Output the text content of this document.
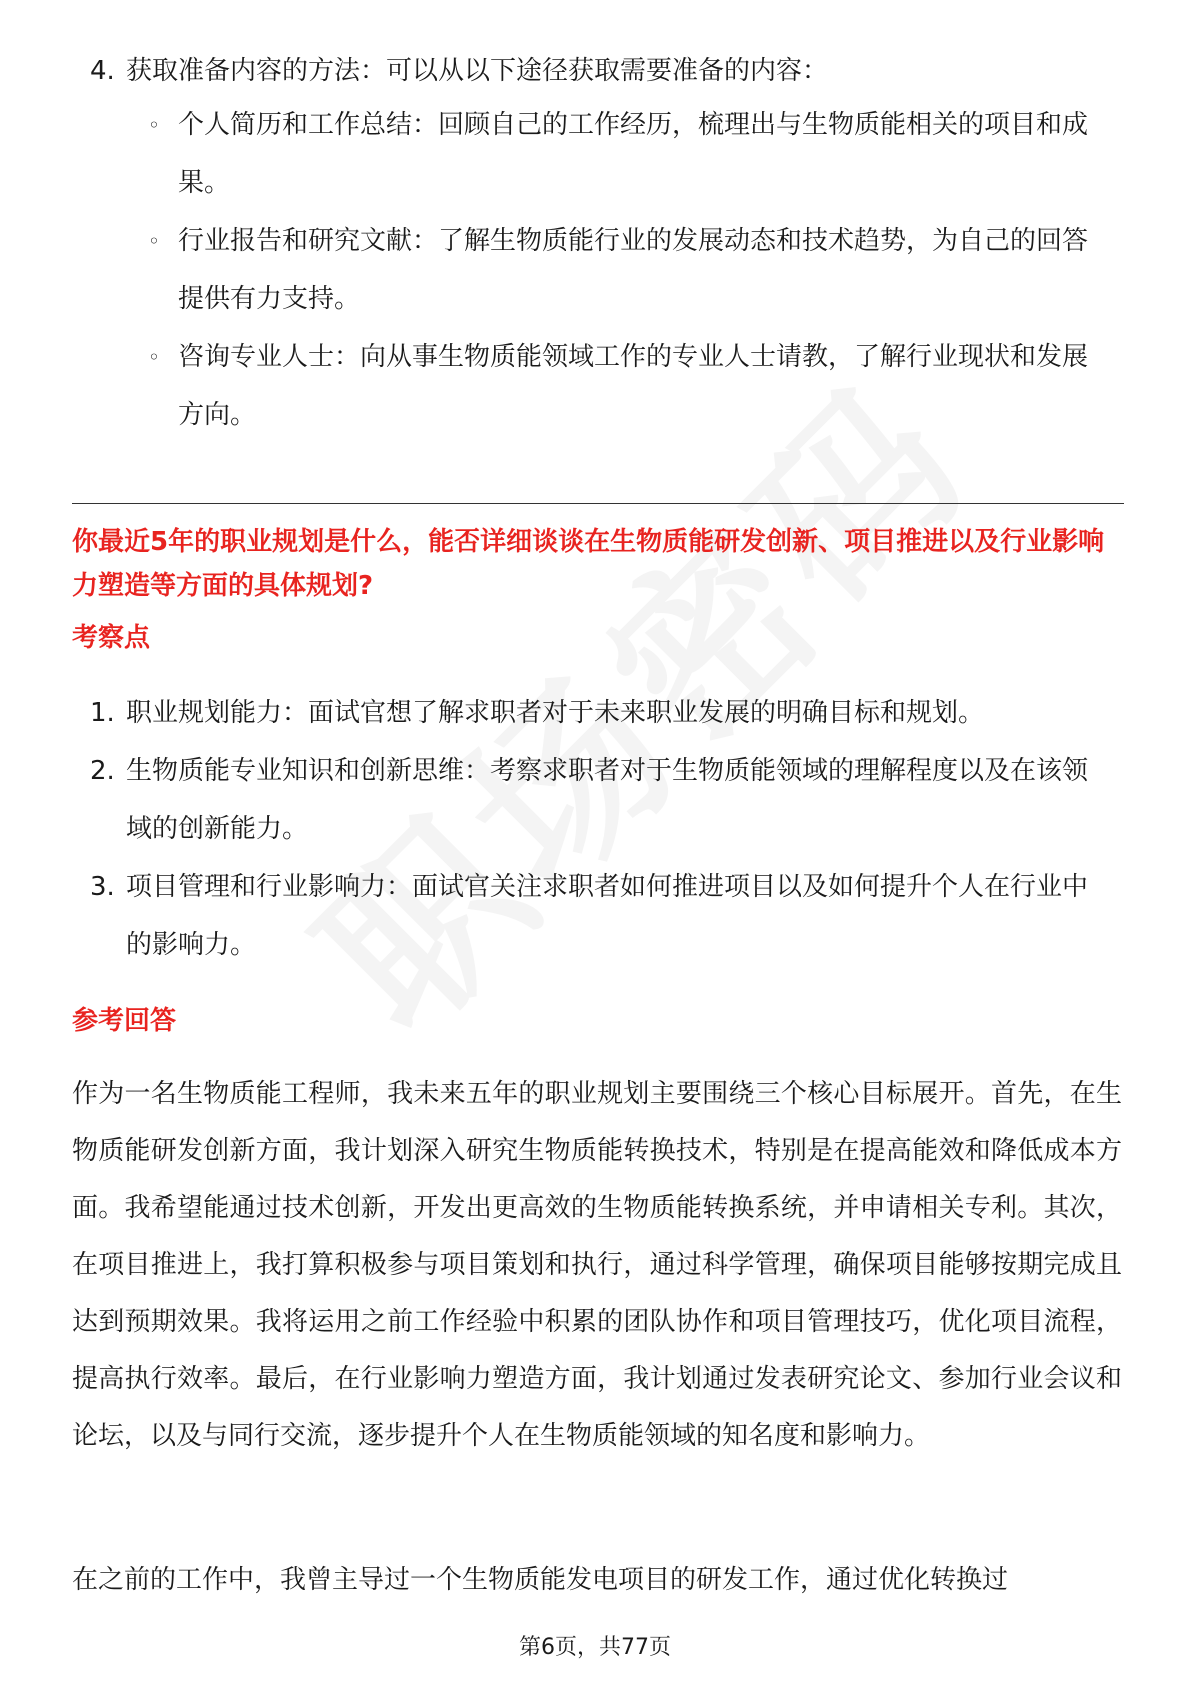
4. 获取准备内容的方法：可以从以下途径获取需要准备的内容：
◦ 个人简历和工作总结：回顾自己的工作经历，梳理出与生物质能相关的项目和成果。
◦ 行业报告和研究文献：了解生物质能行业的发展动态和技术趋势，为自己的回答提供有力支持。
◦ 咨询专业人士：向从事生物质能领域工作的专业人士请教，了解行业现状和发展方向。
你最近5年的职业规划是什么，能否详细谈谈在生物质能研发创新、项目推进以及行业影响力塑造等方面的具体规划?
考察点
1. 职业规划能力：面试官想了解求职者对于未来职业发展的明确目标和规划。
2. 生物质能专业知识和创新思维：考察求职者对于生物质能领域的理解程度以及在该领域的创新能力。
3. 项目管理和行业影响力：面试官关注求职者如何推进项目以及如何提升个人在行业中的影响力。
参考回答
作为一名生物质能工程师，我未来五年的职业规划主要围绕三个核心目标展开。首先，在生物质能研发创新方面，我计划深入研究生物质能转换技术，特别是在提高能效和降低成本方面。我希望能通过技术创新，开发出更高效的生物质能转换系统，并申请相关专利。其次，在项目推进上，我打算积极参与项目策划和执行，通过科学管理，确保项目能够按期完成且达到预期效果。我将运用之前工作经验中积累的团队协作和项目管理技巧，优化项目流程，提高执行效率。最后，在行业影响力塑造方面，我计划通过发表研究论文、参加行业会议和论坛，以及与同行交流，逐步提升个人在生物质能领域的知名度和影响力。
在之前的工作中，我曾主导过一个生物质能发电项目的研发工作，通过优化转换过
第6页，共77页
